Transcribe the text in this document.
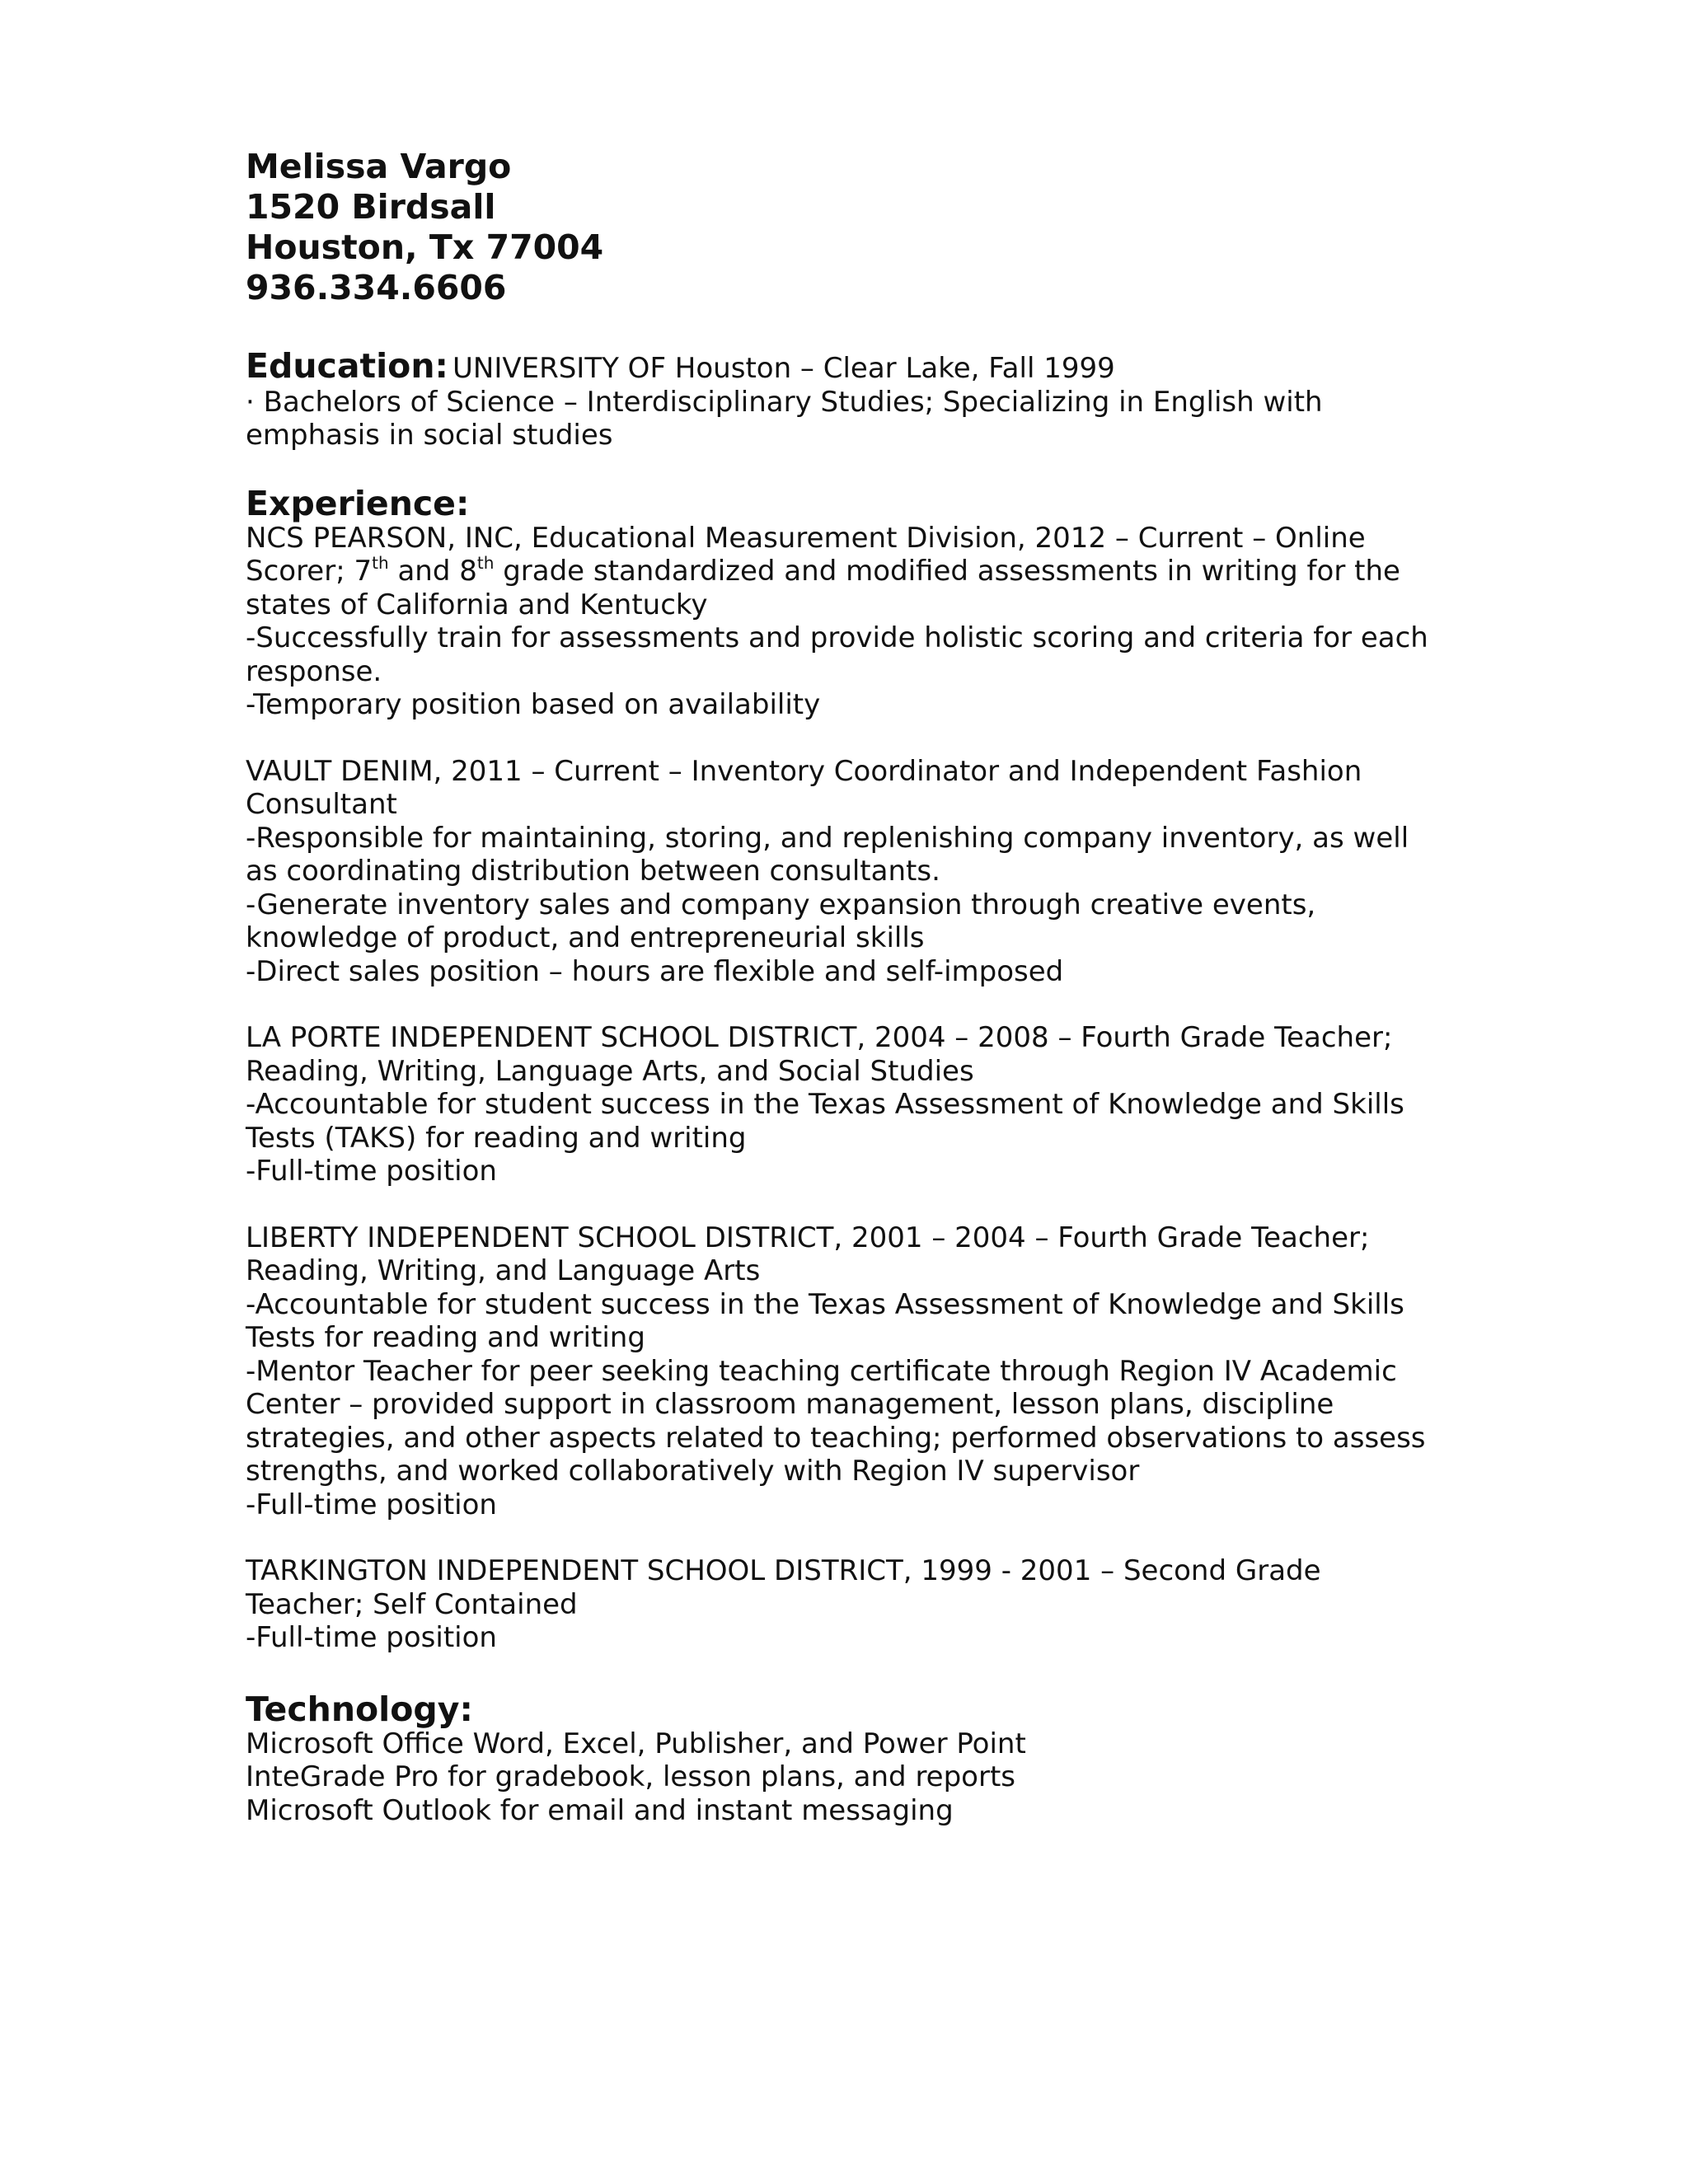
Melissa Vargo
1520 Birdsall
Houston, Tx 77004
936.334.6606
Education: UNIVERSITY OF Houston – Clear Lake, Fall 1999
· Bachelors of Science – Interdisciplinary Studies; Specializing in English with
emphasis in social studies
Experience:
NCS PEARSON, INC, Educational Measurement Division, 2012 – Current – Online
Scorer; 7th and 8th grade standardized and modified assessments in writing for the
states of California and Kentucky
-Successfully train for assessments and provide holistic scoring and criteria for each
response.
-Temporary position based on availability
VAULT DENIM, 2011 – Current – Inventory Coordinator and Independent Fashion
Consultant
-Responsible for maintaining, storing, and replenishing company inventory, as well
as coordinating distribution between consultants.
-Generate inventory sales and company expansion through creative events,
knowledge of product, and entrepreneurial skills
-Direct sales position – hours are flexible and self-imposed
LA PORTE INDEPENDENT SCHOOL DISTRICT, 2004 – 2008 – Fourth Grade Teacher;
Reading, Writing, Language Arts, and Social Studies
-Accountable for student success in the Texas Assessment of Knowledge and Skills
Tests (TAKS) for reading and writing
-Full-time position
LIBERTY INDEPENDENT SCHOOL DISTRICT, 2001 – 2004 – Fourth Grade Teacher;
Reading, Writing, and Language Arts
-Accountable for student success in the Texas Assessment of Knowledge and Skills
Tests for reading and writing
-Mentor Teacher for peer seeking teaching certificate through Region IV Academic
Center – provided support in classroom management, lesson plans, discipline
strategies, and other aspects related to teaching; performed observations to assess
strengths, and worked collaboratively with Region IV supervisor
-Full-time position
TARKINGTON INDEPENDENT SCHOOL DISTRICT, 1999 - 2001 – Second Grade
Teacher; Self Contained
-Full-time position
Technology:
Microsoft Office Word, Excel, Publisher, and Power Point
InteGrade Pro for gradebook, lesson plans, and reports
Microsoft Outlook for email and instant messaging
